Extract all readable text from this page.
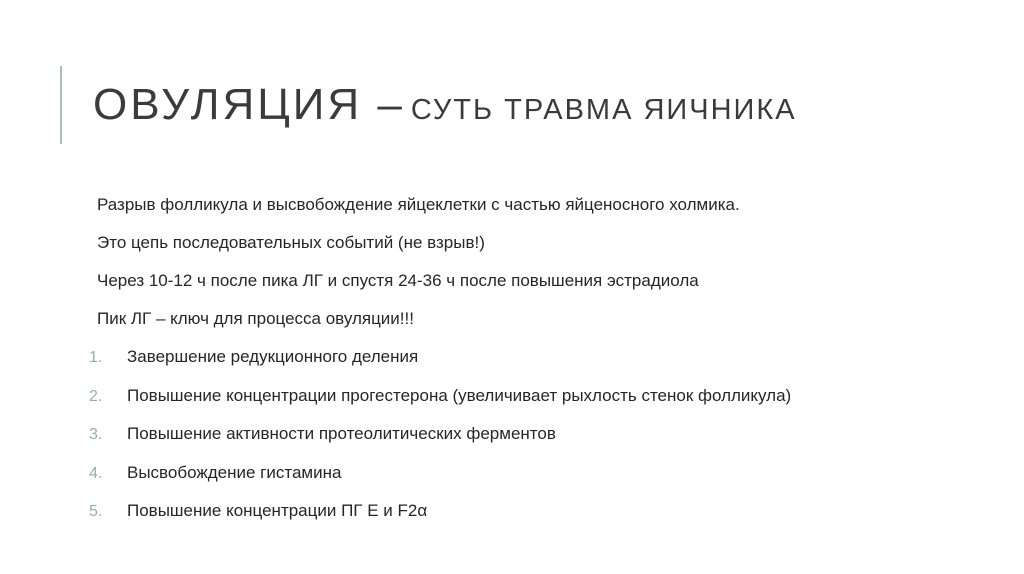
ОВУЛЯЦИЯ – СУТЬ ТРАВМА ЯИЧНИКА
Разрыв фолликула и высвобождение яйцеклетки с частью яйценосного холмика.
Это цепь последовательных событий (не взрыв!)
Через 10-12 ч после пика ЛГ и спустя 24-36 ч после повышения эстрадиола
Пик ЛГ – ключ для процесса овуляции!!!
1. Завершение редукционного деления
2. Повышение концентрации прогестерона (увеличивает рыхлость стенок фолликула)
3. Повышение активности протеолитических ферментов
4. Высвобождение гистамина
5. Повышение концентрации ПГ Е и F2α
